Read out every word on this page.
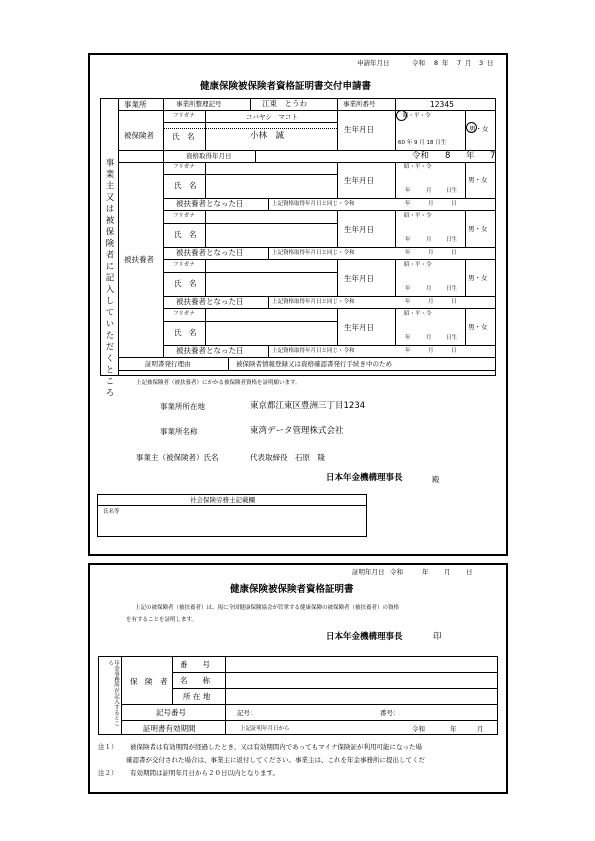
申請年月日	令和 8 年 7 月 3 日
健康保険被保険者資格証明書交付申請書
事業主又は被保険者に記入していただくところ
事業所	事業所整理記号	江東　とうわ	事業所番号	12345
被保険者
フリガナ	コバヤシ　マコト
氏　名	小林　誠
生年月日
昭・平・令
60 年 9 月 18 日生
男・女
資格取得年月日	令和 8 年 7
被扶養者
フリガナ
氏　名
生年月日
昭・平・令
年	月	日生
男・女
被扶養者となった日	上記資格取得年月日と同じ・令和	年	月	日
フリガナ
氏　名
生年月日
昭・平・令
年	月	日生
男・女
被扶養者となった日	上記資格取得年月日と同じ・令和	年	月	日
フリガナ
氏　名
生年月日
昭・平・令
年	月	日生
男・女
被扶養者となった日	上記資格取得年月日と同じ・令和	年	月	日
フリガナ
氏　名
生年月日
昭・平・令
年	月	日生
男・女
被扶養者となった日	上記資格取得年月日と同じ・令和	年	月	日
証明書発行理由	被保険者情報登録又は資格確認書発行手続き中のため
上記被保険者（被扶養者）にかかる被保険者資格を証明願います。
事業所所在地	東京都江東区豊洲三丁目1234
事業所名称	東湾データ管理株式会社
事業主（被保険者）氏名	代表取締役　石原　隆
日本年金機構理事長	殿
社会保険労務士記載欄
氏名等
証明年月日 令和	年 月 日
健康保険被保険者資格証明書
上記の被保険者（被扶養者）は、現に全国健康保険協会が管掌する健康保険の被保険者（被扶養者）の資格
を有することを証明します。
日本年金機構理事長	印
年金事務所が記入するところ
保　険　者
番　　号
名　　称
所 在 地
記号番号	記号：	番号：
証明書有効期間	上記証明年月日から	令和	年	月
注１） 被保険者は有効期間が経過したとき、又は有効期間内であってもマイナ保険証が利用可能になった場
確認書が交付された場合は、事業主に返付してください。事業主は、これを年金事務所に提出してくだ
注２） 有効期間は証明年月日から２０日以内となります。
